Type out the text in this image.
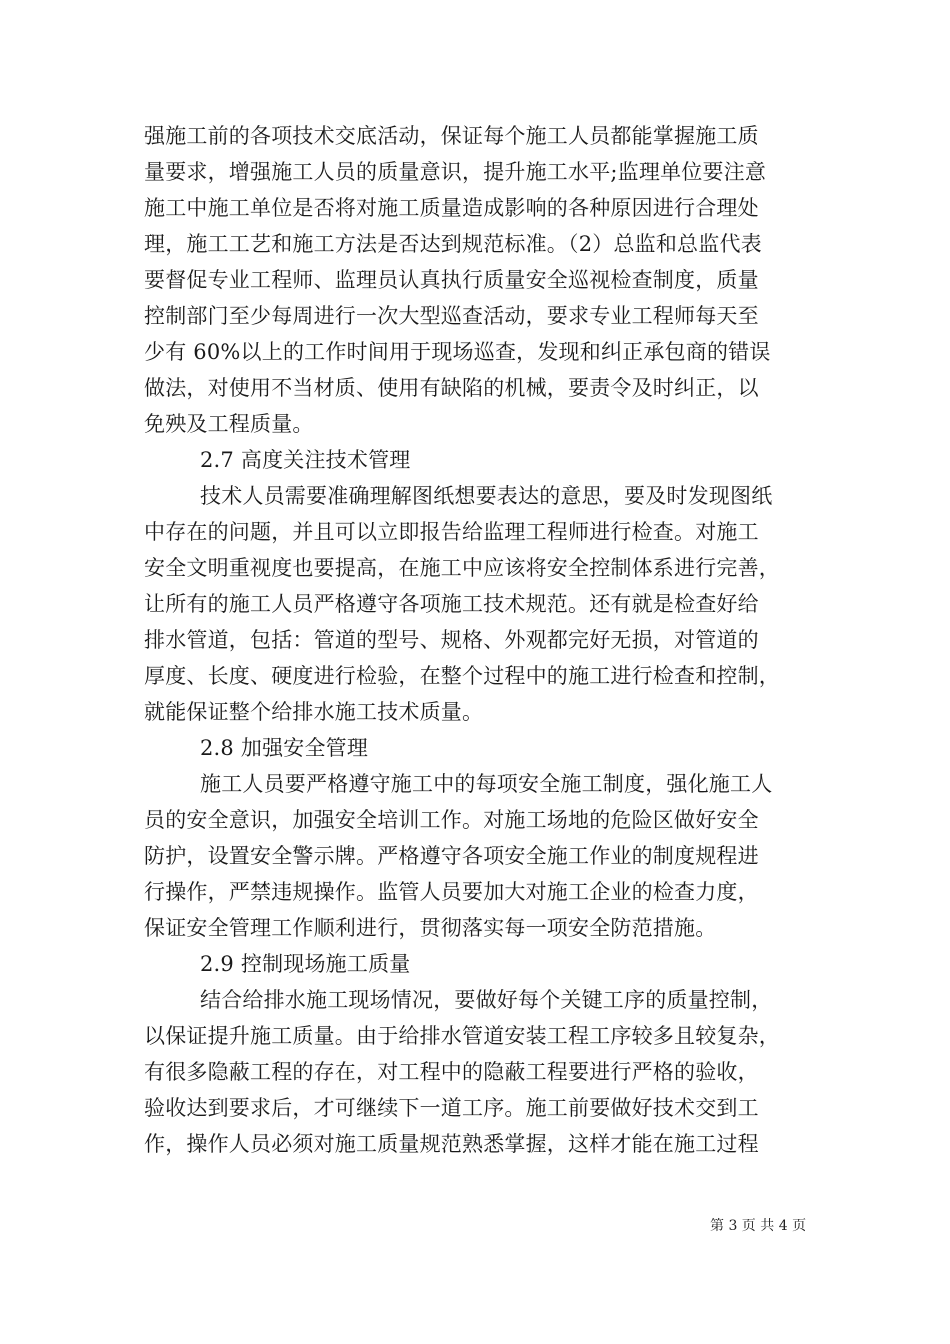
强施工前的各项技术交底活动，保证每个施工人员都能掌握施工质
量要求，增强施工人员的质量意识，提升施工水平;监理单位要注意
施工中施工单位是否将对施工质量造成影响的各种原因进行合理处
理，施工工艺和施工方法是否达到规范标准。（2）总监和总监代表
要督促专业工程师、监理员认真执行质量安全巡视检查制度，质量
控制部门至少每周进行一次大型巡查活动，要求专业工程师每天至
少有 60%以上的工作时间用于现场巡查，发现和纠正承包商的错误
做法，对使用不当材质、使用有缺陷的机械，要责令及时纠正，以
免殃及工程质量。
2.7 高度关注技术管理
技术人员需要准确理解图纸想要表达的意思，要及时发现图纸
中存在的问题，并且可以立即报告给监理工程师进行检查。对施工
安全文明重视度也要提高，在施工中应该将安全控制体系进行完善，
让所有的施工人员严格遵守各项施工技术规范。还有就是检查好给
排水管道，包括：管道的型号、规格、外观都完好无损，对管道的
厚度、长度、硬度进行检验，在整个过程中的施工进行检查和控制，
就能保证整个给排水施工技术质量。
2.8 加强安全管理
施工人员要严格遵守施工中的每项安全施工制度，强化施工人
员的安全意识，加强安全培训工作。对施工场地的危险区做好安全
防护，设置安全警示牌。严格遵守各项安全施工作业的制度规程进
行操作，严禁违规操作。监管人员要加大对施工企业的检查力度，
保证安全管理工作顺利进行，贯彻落实每一项安全防范措施。
2.9 控制现场施工质量
结合给排水施工现场情况，要做好每个关键工序的质量控制，
以保证提升施工质量。由于给排水管道安装工程工序较多且较复杂，
有很多隐蔽工程的存在，对工程中的隐蔽工程要进行严格的验收，
验收达到要求后，才可继续下一道工序。施工前要做好技术交到工
作，操作人员必须对施工质量规范熟悉掌握，这样才能在施工过程
第 3 页 共 4 页
